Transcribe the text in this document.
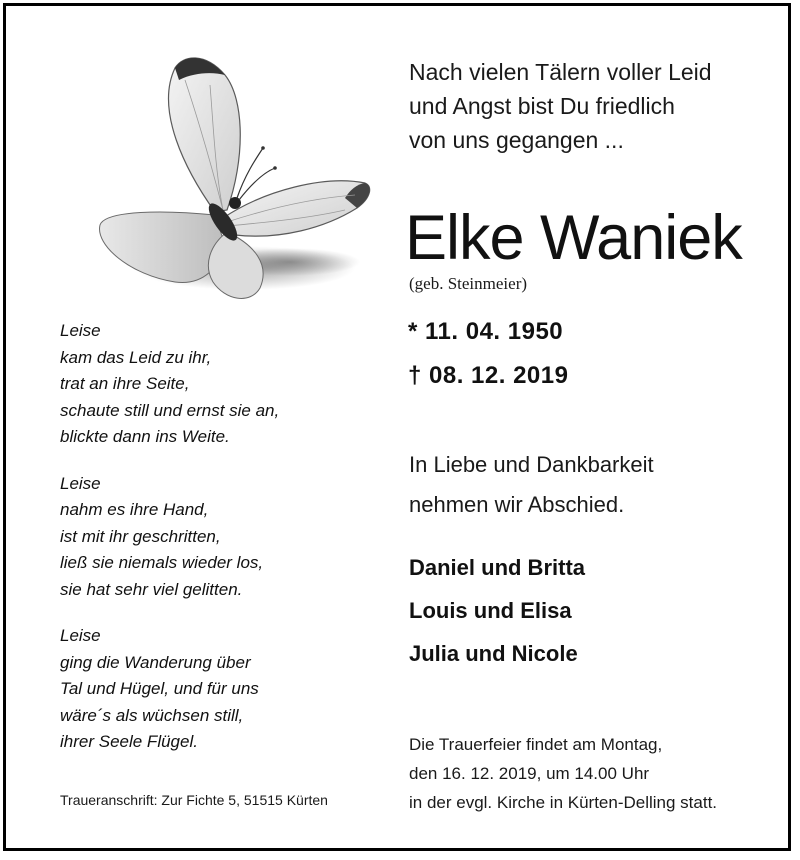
Nach vielen Tälern voller Leid
und Angst bist Du friedlich
von uns gegangen ...
Elke Waniek
(geb. Steinmeier)
* 11. 04. 1950
† 08. 12. 2019
In Liebe und Dankbarkeit
nehmen wir Abschied.
Daniel und Britta
Louis und Elisa
Julia und Nicole
Leise
kam das Leid zu ihr,
trat an ihre Seite,
schaute still und ernst sie an,
blickte dann ins Weite.
Leise
nahm es ihre Hand,
ist mit ihr geschritten,
ließ sie niemals wieder los,
sie hat sehr viel gelitten.
Leise
ging die Wanderung über
Tal und Hügel, und für uns
wäre´s als wüchsen still,
ihrer Seele Flügel.	Die Trauerfeier findet am Montag,
den 16. 12. 2019, um 14.00 Uhr
in der evgl. Kirche in Kürten-Delling statt.
Traueranschrift: Zur Fichte 5, 51515 Kürten
